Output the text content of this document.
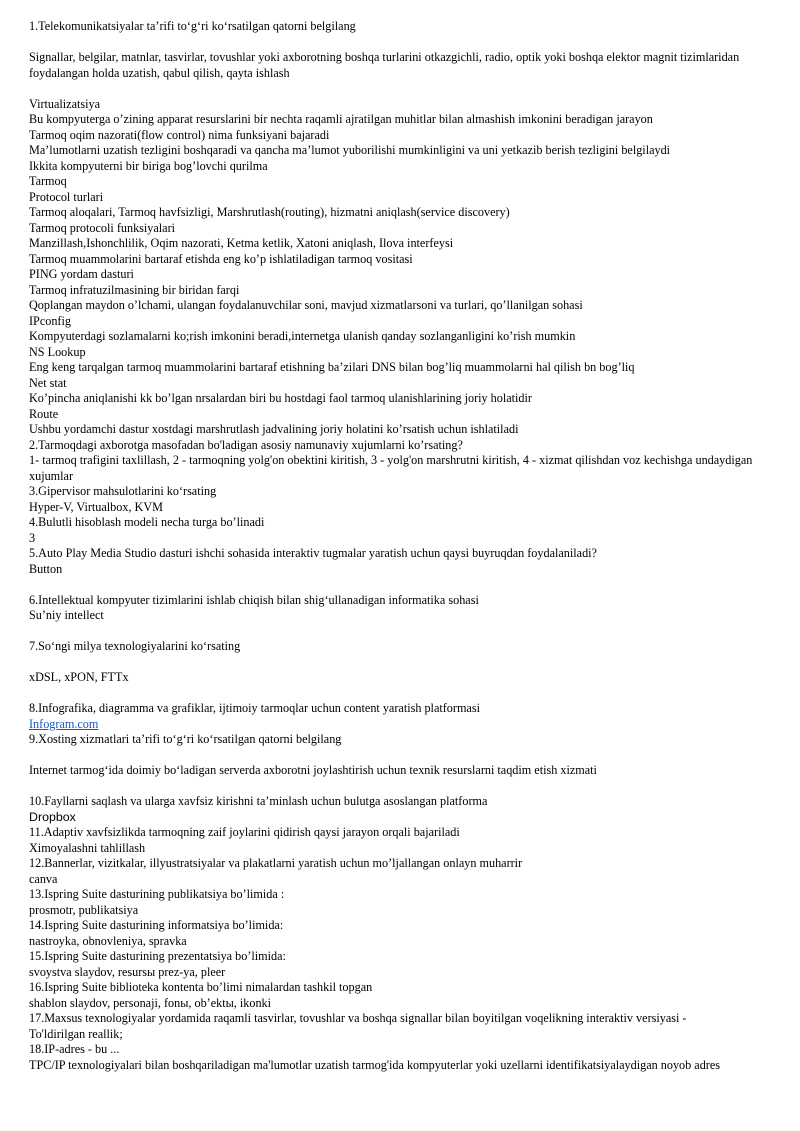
1.Telekomunikatsiyalar ta’rifi to‘g‘ri ko‘rsatilgan qatorni belgilang

Signallar, belgilar, matnlar, tasvirlar, tovushlar yoki axborotning boshqa turlarini otkazgichli, radio, optik yoki boshqa elektor magnit tizimlaridan foydalangan holda uzatish, qabul qilish, qayta ishlash

Virtualizatsiya

Bu kompyuterga o’zining apparat resurslarini bir nechta raqamli ajratilgan muhitlar bilan almashish imkonini beradigan jarayon

Tarmoq oqim nazorati(flow control) nima funksiyani bajaradi

Ma’lumotlarni uzatish tezligini boshqaradi va qancha ma’lumot yuborilishi mumkinligini va uni yetkazib berish tezligini belgilaydi

Ikkita kompyuterni bir biriga bog’lovchi qurilma

Tarmoq

Protocol turlari

Tarmoq aloqalari, Tarmoq havfsizligi, Marshrutlash(routing), hizmatni aniqlash(service discovery)

Tarmoq protocoli funksiyalari

Manzillash,Ishonchlilik, Oqim nazorati, Ketma ketlik, Xatoni aniqlash, Ilova interfeysi

Tarmoq muammolarini bartaraf etishda eng ko’p ishlatiladigan tarmoq vositasi

PING yordam dasturi

Tarmoq infratuzilmasining bir biridan farqi

Qoplangan maydon o’lchami, ulangan foydalanuvchilar soni, mavjud xizmatlarsoni va turlari, qo’llanilgan sohasi

IPconfig

Kompyuterdagi sozlamalarni ko;rish imkonini beradi,internetga ulanish qanday sozlanganligini ko’rish mumkin

NS Lookup

Eng keng tarqalgan tarmoq muammolarini bartaraf etishning ba’zilari DNS bilan bog’liq muammolarni hal qilish bn bog’liq

Net stat

Ko’pincha aniqlanishi kk bo’lgan nrsalardan biri bu hostdagi faol tarmoq ulanishlarining joriy holatidir

Route

Ushbu yordamchi dastur xostdagi marshrutlash jadvalining joriy holatini ko’rsatish uchun ishlatiladi

2.Tarmoqdagi axborotga masofadan bo'ladigan asosiy namunaviy xujumlarni ko’rsating?

1- tarmoq trafigini taxlillash, 2 - tarmoqning yolg'on obektini kiritish, 3 - yolg'on marshrutni kiritish, 4 - xizmat qilishdan voz kechishga undaydigan xujumlar

3.Gipervisor mahsulotlarini ko‘rsating

Hyper-V, Virtualbox, KVM

4.Bulutli hisoblash modeli necha turga bo’linadi

3

5.Auto Play Media Studio dasturi ishchi sohasida interaktiv tugmalar yaratish uchun qaysi buyruqdan foydalaniladi?

Button

6.Intellektual kompyuter tizimlarini ishlab chiqish bilan shig‘ullanadigan informatika sohasi

Su’niy intellect

7.So‘ngi milya texnologiyalarini ko‘rsating

xDSL, xPON, FTTx

8.Infografika, diagramma va grafiklar, ijtimoiy tarmoqlar uchun content yaratish platformasi

Infogram.com

9.Xosting xizmatlari ta’rifi to‘g‘ri ko‘rsatilgan qatorni belgilang

Internet tarmog‘ida doimiy bo‘ladigan serverda axborotni joylashtirish uchun texnik resurslarni taqdim etish xizmati

10.Fayllarni saqlash va ularga xavfsiz kirishni ta’minlash uchun bulutga asoslangan platforma

Dropbox

11.Adaptiv xavfsizlikda tarmoqning zaif joylarini qidirish qaysi jarayon orqali bajariladi

Ximoyalashni tahlillash

12.Bannerlar, vizitkalar, illyustratsiyalar va plakatlarni yaratish uchun mo’ljallangan onlayn muharrir

canva

13.Ispring Suite dasturining publikatsiya bo’limida :

prosmotr, publikatsiya

14.Ispring Suite dasturining informatsiya bo’limida:

nastroyka, obnovleniya, spravka

15.Ispring Suite dasturining prezentatsiya bo’limida:

svoystva slaydov, resursы prez-ya, pleer

16.Ispring Suite biblioteka kontenta bo’limi nimalardan tashkil topgan

shablon slaydov, personaji, fonы, ob’ektы, ikonki

17.Maxsus texnologiyalar yordamida raqamli tasvirlar, tovushlar va boshqa signallar bilan boyitilgan voqelikning interaktiv versiyasi -

To'ldirilgan reallik;

18.IP-adres - bu ...

TPC/IP texnologiyalari bilan boshqariladigan ma'lumotlar uzatish tarmog'ida kompyuterlar yoki uzellarni identifikatsiyalaydigan noyob adres
